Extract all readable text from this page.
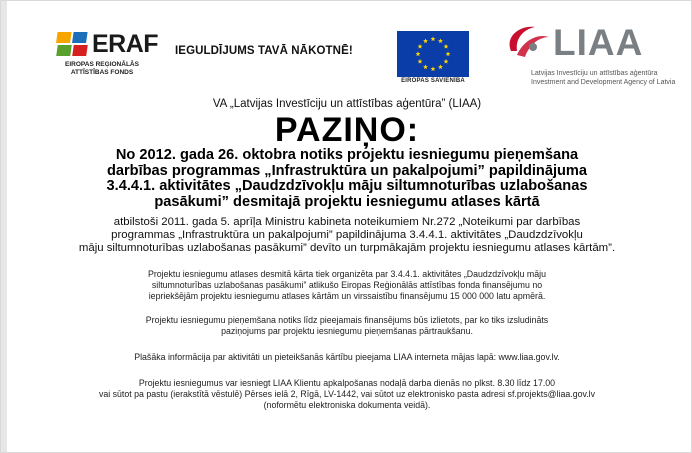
ERAF
EIROPAS REĢIONĀLĀS
ATTĪSTĪBAS FONDS
IEGULDĪJUMS TAVĀ NĀKOTNĒ!
EIROPAS SAVIENĪBA
LIAA
Latvijas Investīciju un attīstības aģentūra
Investment and Development Agency of Latvia
VA „Latvijas Investīciju un attīstības aģentūra” (LIAA)
PAZIŅO:
No 2012. gada 26. oktobra notiks projektu iesniegumu pieņemšana
darbības programmas „Infrastruktūra un pakalpojumi” papildinājuma
3.4.4.1. aktivitātes „Daudzdzīvokļu māju siltumnoturības uzlabošanas
pasākumi” desmitajā projektu iesniegumu atlases kārtā
atbilstoši 2011. gada 5. aprīļa Ministru kabineta noteikumiem Nr.272 „Noteikumi par darbības
programmas „Infrastruktūra un pakalpojumi” papildinājuma 3.4.4.1. aktivitātes „Daudzdzīvokļu
māju siltumnoturības uzlabošanas pasākumi” devīto un turpmākajām projektu iesniegumu atlases kārtām”.
Projektu iesniegumu atlases desmitā kārta tiek organizēta par 3.4.4.1. aktivitātes „Daudzdzīvokļu māju
siltumnoturības uzlabošanas pasākumi” atlikušo Eiropas Reģionālās attīstības fonda finansējumu no
iepriekšējām projektu iesniegumu atlases kārtām un virssaistību finansējumu 15 000 000 latu apmērā.
Projektu iesniegumu pieņemšana notiks līdz pieejamais finansējums būs izlietots, par ko tiks izsludināts
paziņojums par projektu iesniegumu pieņemšanas pārtraukšanu.
Plašāka informācija par aktivitāti un pieteikšanās kārtību pieejama LIAA interneta mājas lapā: www.liaa.gov.lv.
Projektu iesniegumus var iesniegt LIAA Klientu apkalpošanas nodaļā darba dienās no plkst. 8.30 līdz 17.00
vai sūtot pa pastu (ierakstītā vēstulē) Pērses ielā 2, Rīgā, LV-1442, vai sūtot uz elektronisko pasta adresi sf.projekts@liaa.gov.lv
(noformētu elektroniska dokumenta veidā).
